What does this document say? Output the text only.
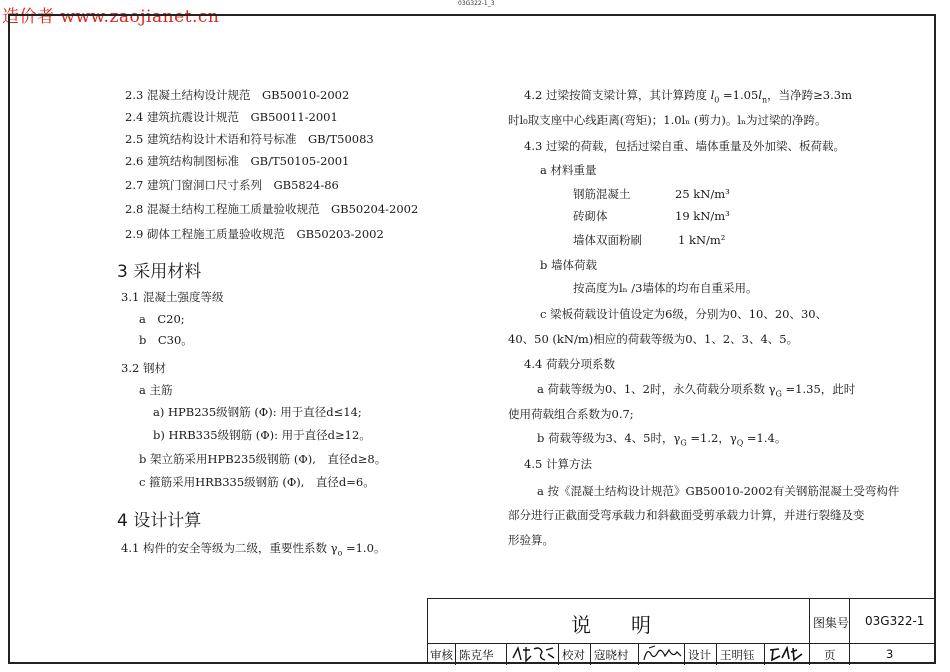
造价者 www.zaojianet.cn
03G322-1_3
2.3 混凝土结构设计规范　GB50010-2002
2.4 建筑抗震设计规范　GB50011-2001
2.5 建筑结构设计术语和符号标准　GB/T50083
2.6 建筑结构制图标准　GB/T50105-2001
2.7 建筑门窗洞口尺寸系列　GB5824-86
2.8 混凝土结构工程施工质量验收规范　GB50204-2002
2.9 砌体工程施工质量验收规范　GB50203-2002
3 采用材料
3.1 混凝土强度等级
a　C20;
b　C30。
3.2 钢材
a 主筋
a) HPB235级钢筋 (Φ): 用于直径d≤14;
b) HRB335级钢筋 (Φ): 用于直径d≥12。
b 架立筋采用HPB235级钢筋 (Φ),　直径d≥8。
c 箍筋采用HRB335级钢筋 (Φ),　直径d=6。
4 设计计算
4.1 构件的安全等级为二级，重要性系数 $\gamma_o =1.0$。
4.2 过梁按简支梁计算，其计算跨度 $l_0 =1.05l_n$，当净跨≥3.3m
时l₀取支座中心线距离(弯矩)；1.0lₙ (剪力)。lₙ为过梁的净跨。
4.3 过梁的荷载，包括过梁自重、墙体重量及外加梁、板荷载。
a 材料重量
钢筋混凝土	25 kN/m³
砖砌体	19 kN/m³
墙体双面粉刷	1 kN/m²
b 墙体荷载
按高度为lₙ /3墙体的均布自重采用。
c 梁板荷载设计值设定为6级，分别为0、10、20、30、
40、50 (kN/m)相应的荷载等级为0、1、2、3、4、5。
4.4 荷载分项系数
a 荷载等级为0、1、2时，永久荷载分项系数 $\gamma_G =1.35$，此时
使用荷载组合系数为0.7;
b 荷载等级为3、4、5时，$\gamma_G =1.2$，$\gamma_Q =1.4$。
4.5 计算方法
a 按《混凝土结构设计规范》GB50010-2002有关钢筋混凝土受弯构件
部分进行正截面受弯承载力和斜截面受剪承载力计算，并进行裂缝及变
形验算。
说　　明	图集号 03G322-1
审核 陈克华	校对 寇晓村	设计 王明钰	页	3
